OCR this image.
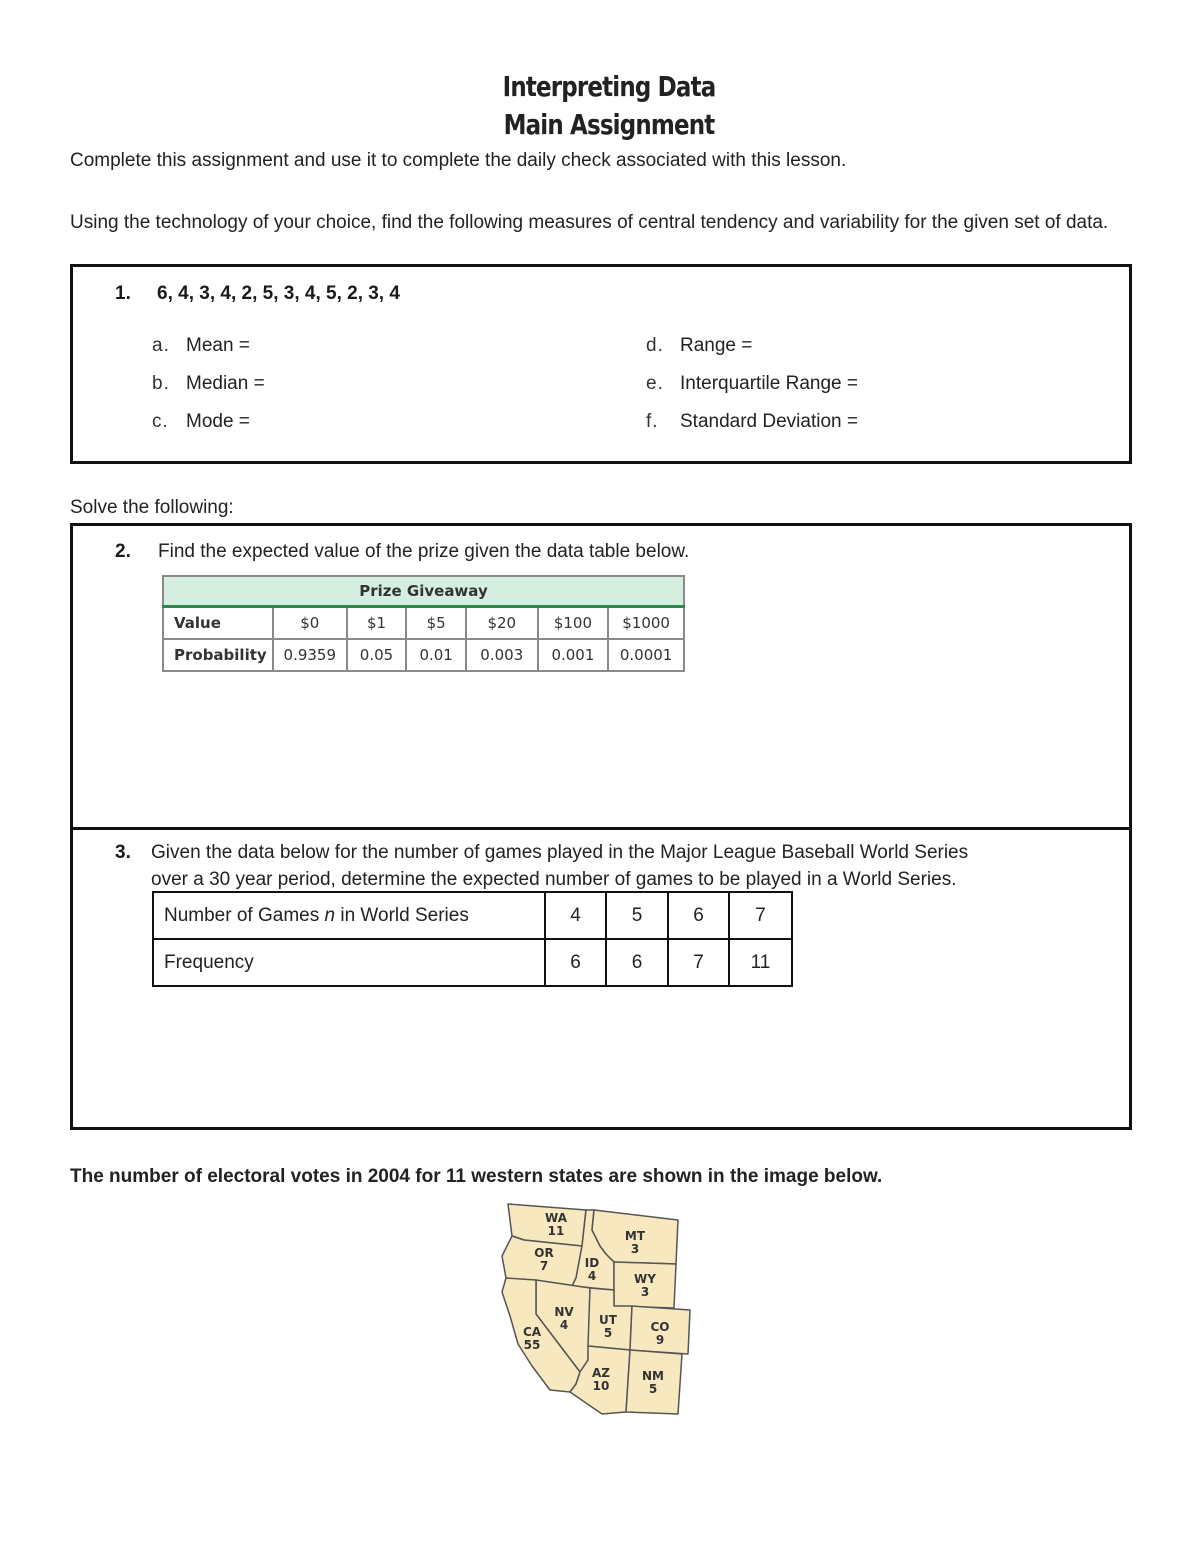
Interpreting Data
Main Assignment
Complete this assignment and use it to complete the daily check associated with this lesson.
Using the technology of your choice, find the following measures of central tendency and variability for the given set of data.
1. 6, 4, 3, 4, 2, 5, 3, 4, 5, 2, 3, 4
a. Mean =
b. Median =
c. Mode =
d. Range =
e. Interquartile Range =
f. Standard Deviation =
Solve the following:
2. Find the expected value of the prize given the data table below.
Prize Giveaway						
Value	$0	$1	$5	$20	$100	$1000
Probability	0.9359	0.05	0.01	0.003	0.001	0.0001
3. Given the data below for the number of games played in the Major League Baseball World Series
over a 30 year period, determine the expected number of games to be played in a World Series.
Number of Games n in World Series	4	5	6	7
Frequency	6	6	7	11
The number of electoral votes in 2004 for 11 western states are shown in the image below.
WA
11
OR
7	ID
4
MT
3
WY
3
NV
4	UT
5	CO
9
CA
55
AZ
10
NM
5
